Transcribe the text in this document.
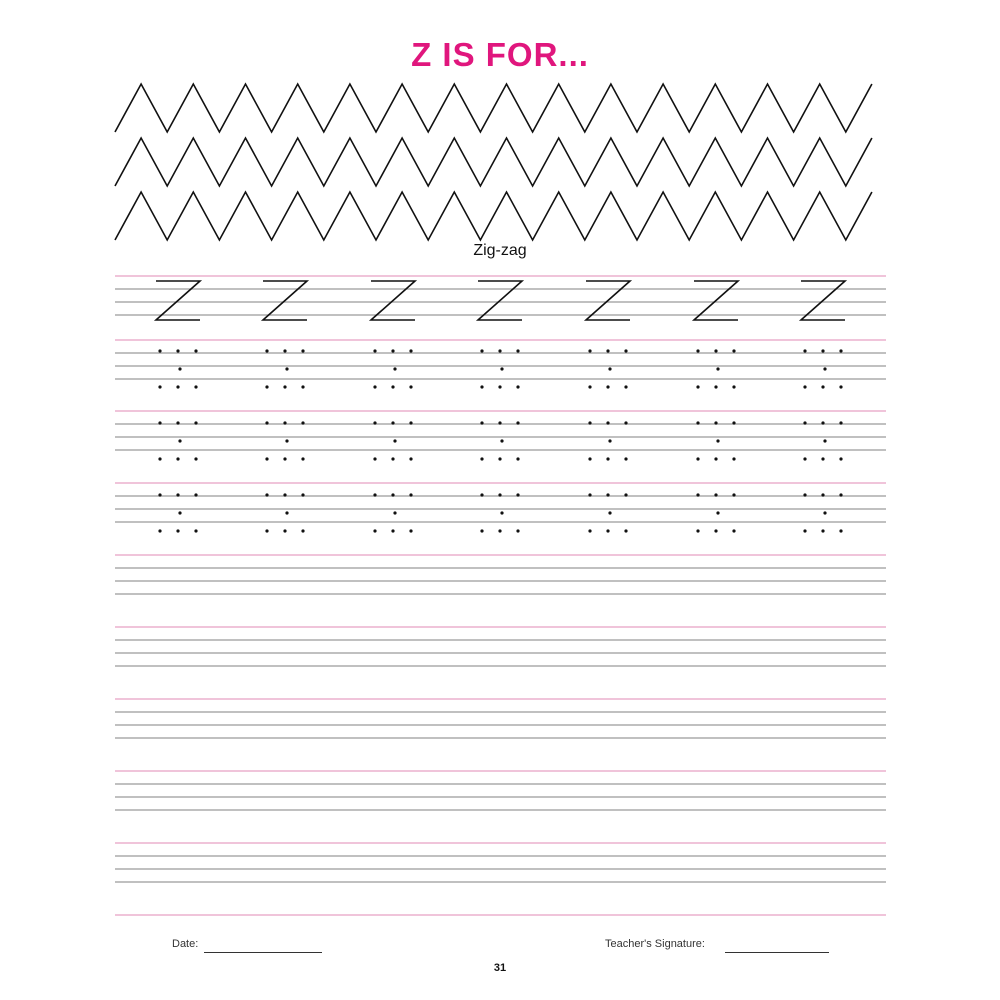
Z IS FOR...
Zig-zag
Date:	Teacher's Signature:
31
